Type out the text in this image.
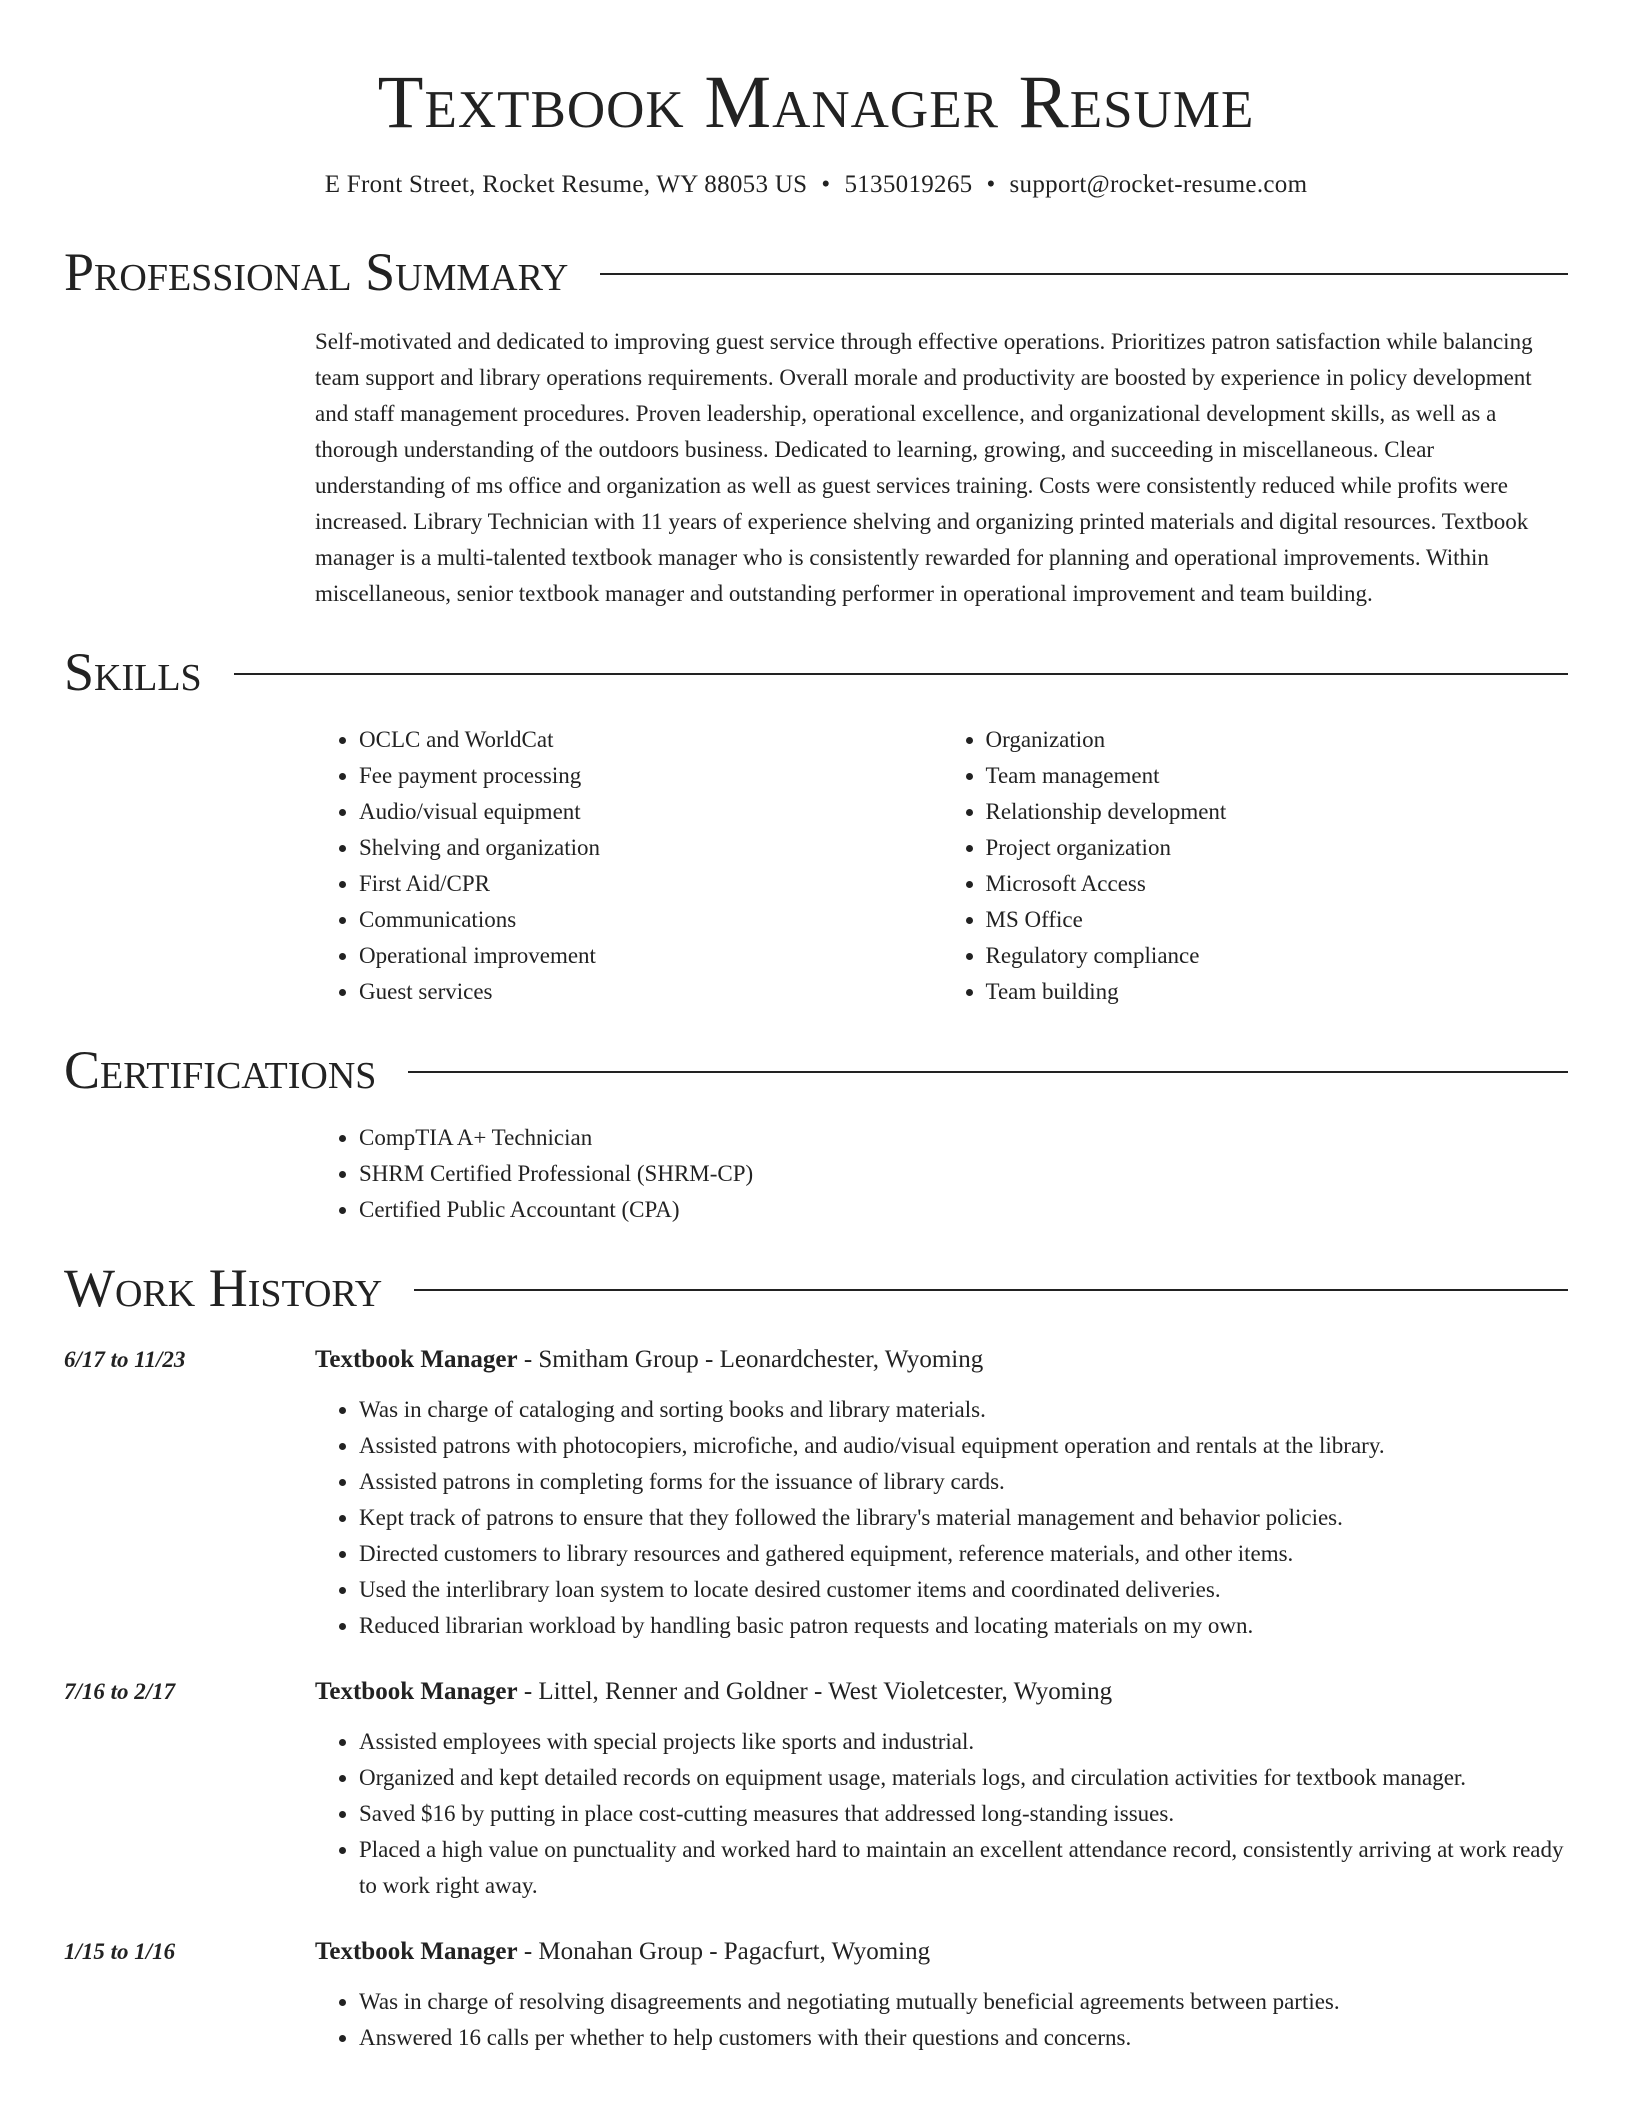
Textbook Manager Resume
E Front Street, Rocket Resume, WY 88053 US • 5135019265 • support@rocket-resume.com
Professional Summary
Self-motivated and dedicated to improving guest service through effective operations. Prioritizes patron satisfaction while balancing team support and library operations requirements. Overall morale and productivity are boosted by experience in policy development and staff management procedures. Proven leadership, operational excellence, and organizational development skills, as well as a thorough understanding of the outdoors business. Dedicated to learning, growing, and succeeding in miscellaneous. Clear understanding of ms office and organization as well as guest services training. Costs were consistently reduced while profits were increased. Library Technician with 11 years of experience shelving and organizing printed materials and digital resources. Textbook manager is a multi-talented textbook manager who is consistently rewarded for planning and operational improvements. Within miscellaneous, senior textbook manager and outstanding performer in operational improvement and team building.
Skills
• OCLC and WorldCat
• Fee payment processing
• Audio/visual equipment
• Shelving and organization
• First Aid/CPR
• Communications
• Operational improvement
• Guest services
• Organization
• Team management
• Relationship development
• Project organization
• Microsoft Access
• MS Office
• Regulatory compliance
• Team building
Certifications
• CompTIA A+ Technician
• SHRM Certified Professional (SHRM-CP)
• Certified Public Accountant (CPA)
Work History
6/17 to 11/23	Textbook Manager - Smitham Group - Leonardchester, Wyoming
• Was in charge of cataloging and sorting books and library materials.
• Assisted patrons with photocopiers, microfiche, and audio/visual equipment operation and rentals at the library.
• Assisted patrons in completing forms for the issuance of library cards.
• Kept track of patrons to ensure that they followed the library's material management and behavior policies.
• Directed customers to library resources and gathered equipment, reference materials, and other items.
• Used the interlibrary loan system to locate desired customer items and coordinated deliveries.
• Reduced librarian workload by handling basic patron requests and locating materials on my own.
7/16 to 2/17	Textbook Manager - Littel, Renner and Goldner - West Violetcester, Wyoming
• Assisted employees with special projects like sports and industrial.
• Organized and kept detailed records on equipment usage, materials logs, and circulation activities for textbook manager.
• Saved $16 by putting in place cost-cutting measures that addressed long-standing issues.
• Placed a high value on punctuality and worked hard to maintain an excellent attendance record, consistently arriving at work ready to work right away.
1/15 to 1/16	Textbook Manager - Monahan Group - Pagacfurt, Wyoming
• Was in charge of resolving disagreements and negotiating mutually beneficial agreements between parties.
• Answered 16 calls per whether to help customers with their questions and concerns.
